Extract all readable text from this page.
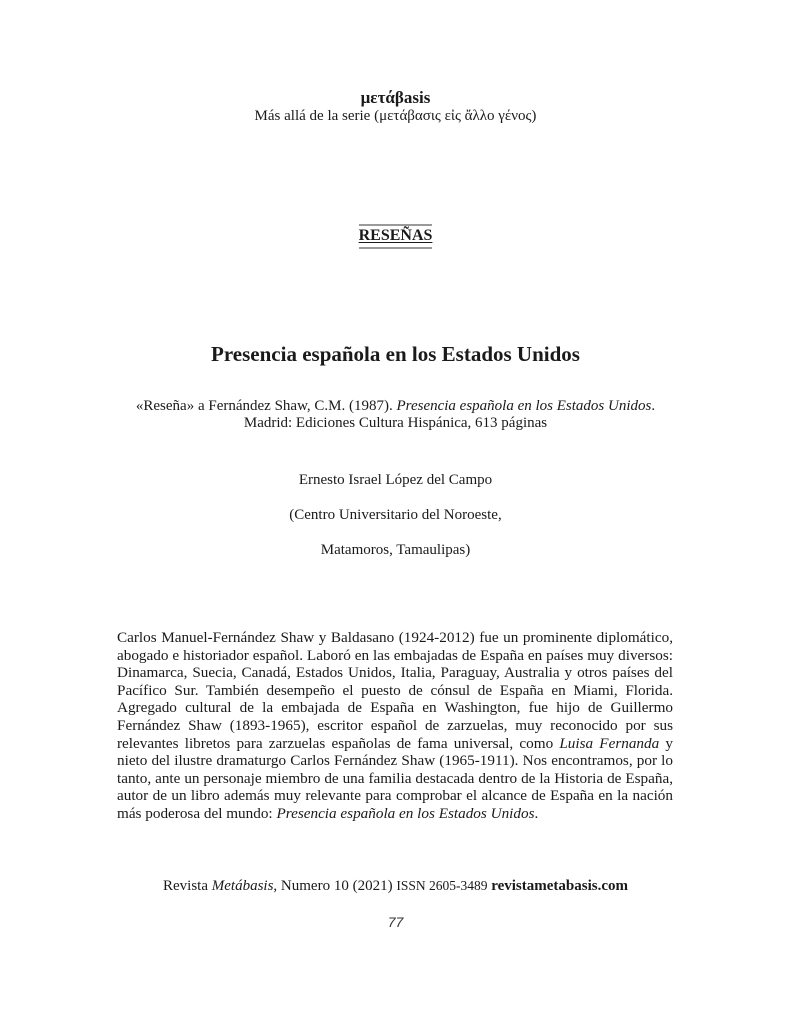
μετάβasis
Más allá de la serie (μετάβασις εἰς ἄλλο γένος)
RESEÑAS
Presencia española en los Estados Unidos
«Reseña» a Fernández Shaw, C.M. (1987). Presencia española en los Estados Unidos.
Madrid: Ediciones Cultura Hispánica, 613 páginas
Ernesto Israel López del Campo
(Centro Universitario del Noroeste,
Matamoros, Tamaulipas)
Carlos Manuel-Fernández Shaw y Baldasano (1924-2012) fue un prominente diplomático, abogado e historiador español. Laboró en las embajadas de España en países muy diversos: Dinamarca, Suecia, Canadá, Estados Unidos, Italia, Paraguay, Australia y otros países del Pacífico Sur. También desempeño el puesto de cónsul de España en Miami, Florida. Agregado cultural de la embajada de España en Washington, fue hijo de Guillermo Fernández Shaw (1893-1965), escritor español de zarzuelas, muy reconocido por sus relevantes libretos para zarzuelas españolas de fama universal, como Luisa Fernanda y nieto del ilustre dramaturgo Carlos Fernández Shaw (1965-1911). Nos encontramos, por lo tanto, ante un personaje miembro de una familia destacada dentro de la Historia de España, autor de un libro además muy relevante para comprobar el alcance de España en la nación más poderosa del mundo: Presencia española en los Estados Unidos.
Revista Metábasis, Numero 10 (2021) ISSN 2605-3489 revistametabasis.com
77
